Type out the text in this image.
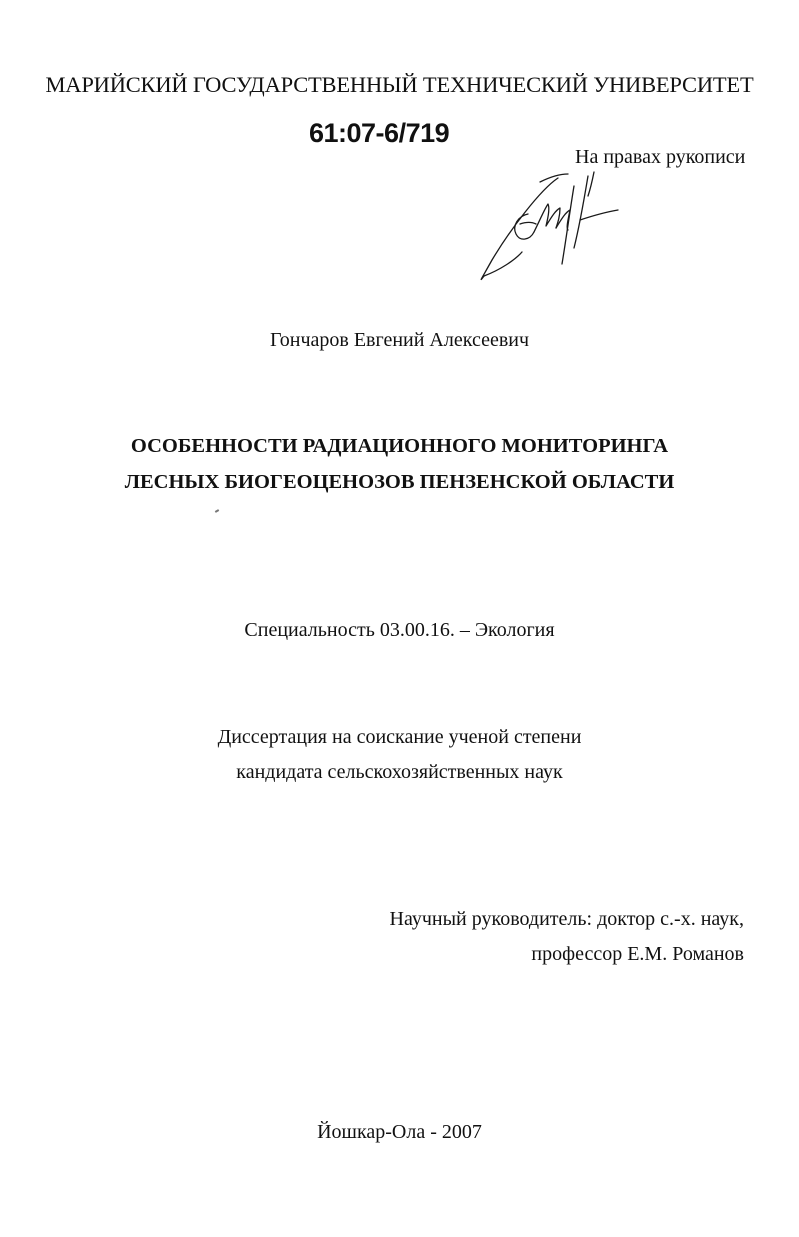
МАРИЙСКИЙ ГОСУДАРСТВЕННЫЙ ТЕХНИЧЕСКИЙ УНИВЕРСИТЕТ
61:07-6/719
На правах рукописи
Гончаров Евгений Алексеевич
ОСОБЕННОСТИ РАДИАЦИОННОГО МОНИТОРИНГА
ЛЕСНЫХ БИОГЕОЦЕНОЗОВ ПЕНЗЕНСКОЙ ОБЛАСТИ
Специальность 03.00.16. – Экология
Диссертация на соискание ученой степени
кандидата сельскохозяйственных наук
Научный руководитель: доктор с.-х. наук,
профессор Е.М. Романов
Йошкар-Ола - 2007
